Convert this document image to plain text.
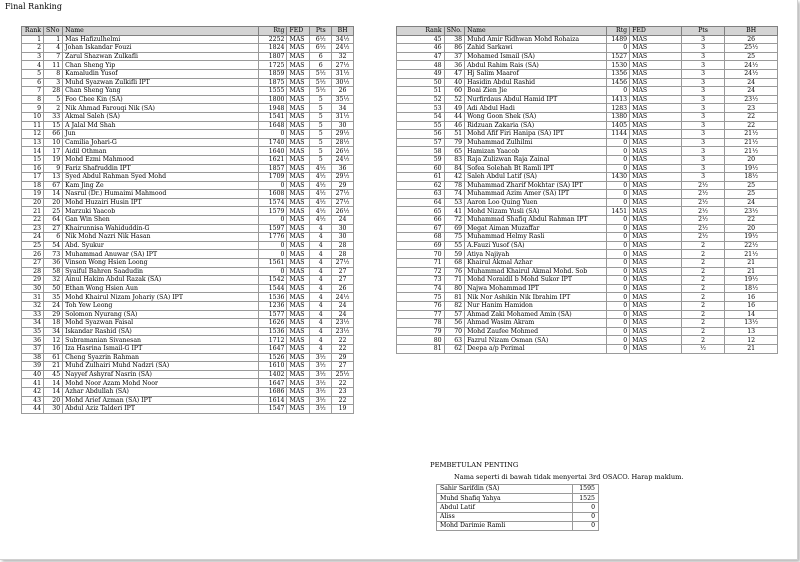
Final Ranking
Rank	SNo	Name	Rtg	FED	Pts	BH
1	1	Mas Hafizulhelmi	2252	MAS	6½	34½
2	4	Johan Iskandar Fouzi	1824	MAS	6½	24½
3	7	Zarul Shazwan Zulkafli	1807	MAS	6	32
4	11	Chan Sheng Yip	1725	MAS	6	27½
5	8	Kamaludin Yusof	1859	MAS	5½	31½
6	3	Muhd Syazwan Zulkifli IPT	1875	MAS	5½	30½
7	28	Chan Sheng Yang	1555	MAS	5½	26
8	5	Foo Chee Kin (SA)	1800	MAS	5	35½
9	2	Nik Ahmad Farouqi Nik (SA)	1948	MAS	5	34
10	33	Akmal Saleh (SA)	1541	MAS	5	31½
11	15	A Jalal Md Shah	1648	MAS	5	30
12	66	Jun	0	MAS	5	29½
13	10	Camilia Johari-G	1740	MAS	5	28½
14	17	Aidil Othman	1640	MAS	5	26½
15	19	Mohd Ezmi Mahmood	1621	MAS	5	24½
16	9	Fariz Shafruddin IPT	1857	MAS	4½	36
17	13	Syed Abdul Rahman Syed Mohd	1709	MAS	4½	29½
18	67	Kam Jing Ze	0	MAS	4½	29
19	14	Nasrul (Dr.) Humaimi Mahmood	1608	MAS	4½	27½
20	20	Mohd Huzairi Husin IPT	1574	MAS	4½	27½
21	25	Marzuki Yaacob	1579	MAS	4½	26½
22	64	Gan Win Shen	0	MAS	4½	24
23	27	Khairunnisa Wahiduddin-G	1597	MAS	4	30
24	6	Nik Mohd Nazri Nik Hasan	1776	MAS	4	30
25	54	Abd. Syukur	0	MAS	4	28
26	73	Muhammad Anuwar (SA) IPT	0	MAS	4	28
27	36	Vinson Wong Hsien Loong	1561	MAS	4	27½
28	58	Syaiful Bahren Saadudin	0	MAS	4	27
29	32	Ainul Hakim Abdul Razak (SA)	1542	MAS	4	27
30	50	Ethan Wong Hsien Aun	1544	MAS	4	26
31	35	Mohd Khairul Nizam Johariy (SA) IPT	1536	MAS	4	24½
32	24	Toh Yew Leong	1236	MAS	4	24
33	29	Solomon Nyurang (SA)	1577	MAS	4	24
34	18	Mohd Syazwan Faisal	1626	MAS	4	23½
35	34	Iskandar Rashid (SA)	1536	MAS	4	23½
36	12	Subramanian Sivanesan	1712	MAS	4	22
37	16	Iza Hasrina Ismail-G IPT	1647	MAS	4	22
38	61	Cheng Syazrin Rahman	1526	MAS	3½	29
39	21	Muhd Zulhairi Muhd Nadzri (SA)	1610	MAS	3½	27
40	45	Nayyef Ashyraf Nasrin (SA)	1402	MAS	3½	25½
41	14	Mohd Noor Azam Mohd Noor	1647	MAS	3½	22
42	14	Azhar Abdullah (SA)	1686	MAS	3½	23
43	20	Mohd Arief Azman (SA) IPT	1614	MAS	3½	22
44	30	Abdul Aziz Talderi IPT	1547	MAS	3½	19
Rank	SNo.	Name	Rtg	FED	Pts	BH
45	38	Muhd Amir Ridhwan Mohd Rohaiza	1489	MAS	3	26
46	86	Zahid Sarkawi	0	MAS	3	25½
47	37	Mohamed Ismail (SA)	1527	MAS	3	25
48	36	Abdul Rahim Rais (SA)	1530	MAS	3	24½
49	47	Hj Salim Maarof	1356	MAS	3	24½
50	40	Hasidin Abdul Rashid	1456	MAS	3	24
51	60	Boai Zien Jie	0	MAS	3	24
52	52	Nurfirdaus Abdul Hamid IPT	1413	MAS	3	23½
53	49	Adi Abdul Hadi	1283	MAS	3	23
54	44	Wong Goon Shek (SA)	1380	MAS	3	22
55	46	Ridzuan Zakaria (SA)	1405	MAS	3	22
56	51	Mohd Afif Firi Hanipa (SA) IPT	1144	MAS	3	21½
57	79	Muhammad Zulhilmi	0	MAS	3	21½
58	65	Hamizan Yaacob	0	MAS	3	21½
59	83	Raja Zulizwan Raja Zainal	0	MAS	3	20
60	84	Sofea Solehah Bt Ramli IPT	0	MAS	3	19½
61	42	Saleh Abdul Latif (SA)	1430	MAS	3	18½
62	78	Muhammad Zharif Mokhtar (SA) IPT	0	MAS	2½	25
63	74	Muhammad Azim Amer (SA) IPT	0	MAS	2½	25
64	53	Aaron Loo Quing Yuen	0	MAS	2½	24
65	41	Mohd Nizam Yusli (SA)	1451	MAS	2½	23½
66	72	Muhammad Shafiq Abdul Rahman IPT	0	MAS	2½	22
67	69	Megat Aiman Muzaffar	0	MAS	2½	20
68	75	Muhammad Helmy Rasli	0	MAS	2½	19½
69	55	A.Fauzi Yusof (SA)	0	MAS	2	22½
70	59	Atiya Najiyah	0	MAS	2	21½
71	68	Khairul Akmal Azhar	0	MAS	2	21
72	76	Muhammad Khairul Akmal Mohd. Sob	0	MAS	2	21
73	71	Mohd Noraidil b Mohd Sukor IPT	0	MAS	2	19½
74	80	Najwa Mohammad IPT	0	MAS	2	18½
75	81	Nik Nor Ashikin Nik Ibrahim IPT	0	MAS	2	16
76	82	Nur Hanim Hamidon	0	MAS	2	16
77	57	Ahmad Zaki Mohamed Amin (SA)	0	MAS	2	14
78	56	Ahmad Wasim Akram	0	MAS	2	13½
79	70	Mohd Zaufee Mohmed	0	MAS	2	13
80	63	Fazrul Nizam Osman (SA)	0	MAS	2	12
81	62	Deepa a/p Perimal	0	MAS	½	21
PEMBETULAN PENTING
Nama seperti di bawah tidak menyertai 3rd OSACO. Harap maklum.
Sahir Sarifdin (SA)	1595
Muhd Shafiq Yahya	1525
Abdul Latif	0
Aliss	0
Mohd Darimie Ramli	0
